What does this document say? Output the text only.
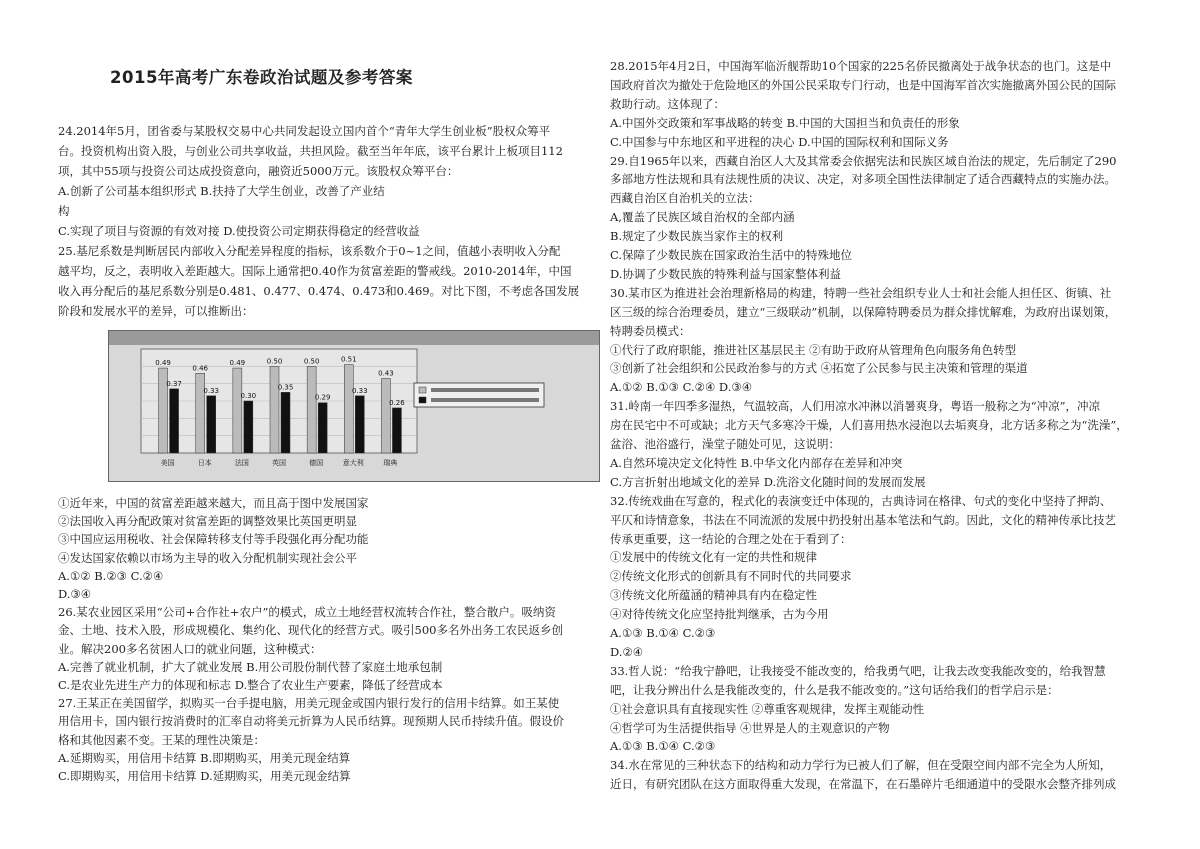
2015年高考广东卷政治试题及参考答案
24.2014年5月，团省委与某股权交易中心共同发起设立国内首个“青年大学生创业板”股权众筹平
台。投资机构出资入股，与创业公司共享收益，共担风险。截至当年年底，该平台累计上板项目112
项，其中55项与投资公司达成投资意向，融资近5000万元。该股权众筹平台：
A.创新了公司基本组织形式 B.扶持了大学生创业，改善了产业结
构
C.实现了项目与资源的有效对接 D.使投资公司定期获得稳定的经营收益
25.基尼系数是判断居民内部收入分配差异程度的指标，该系数介于0~1之间，值越小表明收入分配
越平均，反之，表明收入差距越大。国际上通常把0.40作为贫富差距的警戒线。2010-2014年，中国
收入再分配后的基尼系数分别是0.481、0.477、0.474、0.473和0.469。对比下图，不考虑各国发展
阶段和发展水平的差异，可以推断出：
0.49
0.37
美国
0.46
0.33
日本
0.49
0.30
法国
0.50
0.35
英国
0.50
0.29
德国
0.51
0.33
意大利
0.43
0.26
瑞典
①近年来，中国的贫富差距越来越大，而且高于图中发展国家
②法国收入再分配政策对贫富差距的调整效果比英国更明显
③中国应运用税收、社会保障转移支付等手段强化再分配功能
④发达国家依赖以市场为主导的收入分配机制实现社会公平
A.①② B.②③ C.②④
D.③④
26.某农业园区采用“公司+合作社+农户”的模式，成立土地经营权流转合作社，整合散户。吸纳资
金、土地、技术入股，形成规模化、集约化、现代化的经营方式。吸引500多名外出务工农民返乡创
业。解决200多名贫困人口的就业问题，这种模式：
A.完善了就业机制，扩大了就业发展 B.用公司股份制代替了家庭土地承包制
C.是农业先进生产力的体现和标志 D.整合了农业生产要素，降低了经营成本
27.王某正在美国留学，拟购买一台手提电脑，用美元现金或国内银行发行的信用卡结算。如王某使
用信用卡，国内银行按消费时的汇率自动将美元折算为人民币结算。现预期人民币持续升值。假设价
格和其他因素不变。王某的理性决策是：
A.延期购买，用信用卡结算 B.即期购买，用美元现金结算
C.即期购买，用信用卡结算 D.延期购买，用美元现金结算
28.2015年4月2日，中国海军临沂舰帮助10个国家的225名侨民撤离处于战争状态的也门。这是中
国政府首次为撤处于危险地区的外国公民采取专门行动，也是中国海军首次实施撤离外国公民的国际
救助行动。这体现了：
A.中国外交政策和军事战略的转变 B.中国的大国担当和负责任的形象
C.中国参与中东地区和平进程的决心 D.中国的国际权利和国际义务
29.自1965年以来，西藏自治区人大及其常委会依据宪法和民族区域自治法的规定，先后制定了290
多部地方性法规和具有法规性质的决议、决定，对多项全国性法律制定了适合西藏特点的实施办法。
西藏自治区自治机关的立法：
A,覆盖了民族区域自治权的全部内涵
B.规定了少数民族当家作主的权利
C.保障了少数民族在国家政治生活中的特殊地位
D.协调了少数民族的特殊利益与国家整体利益
30.某市区为推进社会治理新格局的构建，特聘一些社会组织专业人士和社会能人担任区、街镇、社
区三级的综合治理委员，建立“三级联动”机制，以保障特聘委员为群众排忧解难，为政府出谋划策，
特聘委员模式：
①代行了政府职能，推进社区基层民主 ②有助于政府从管理角色向服务角色转型
③创新了社会组织和公民政治参与的方式 ④拓宽了公民参与民主决策和管理的渠道
A.①② B.①③ C.②④ D.③④
31.岭南一年四季多湿热，气温较高，人们用凉水冲淋以消暑爽身，粤语一般称之为“冲凉”，冲凉
房在民宅中不可或缺；北方天气多寒冷干燥，人们喜用热水浸泡以去垢爽身，北方话多称之为“洗澡”，
盆浴、池浴盛行，澡堂子随处可见，这说明：
A.自然环境决定文化特性 B.中华文化内部存在差异和冲突
C.方言折射出地域文化的差异 D.洗浴文化随时间的发展而发展
32.传统戏曲在写意的，程式化的表演变迁中体现的，古典诗词在格律、句式的变化中坚持了押韵、
平仄和诗情意象，书法在不同流派的发展中扔投射出基本笔法和气韵。因此，文化的精神传承比技艺
传承更重要，这一结论的合理之处在于看到了：
①发展中的传统文化有一定的共性和规律
②传统文化形式的创新具有不同时代的共同要求
③传统文化所蕴涵的精神具有内在稳定性
④对待传统文化应坚持批判继承，古为今用
A.①③ B.①④ C.②③
D.②④
33.哲人说：“给我宁静吧，让我接受不能改变的，给我勇气吧，让我去改变我能改变的，给我智慧
吧，让我分辨出什么是我能改变的，什么是我不能改变的。”这句话给我们的哲学启示是：
①社会意识具有直接现实性 ②尊重客观规律，发挥主观能动性
④哲学可为生活提供指导 ④世界是人的主观意识的产物
A.①③ B.①④ C.②③
34.水在常见的三种状态下的结构和动力学行为已被人们了解，但在受限空间内部不完全为人所知，
近日，有研究团队在这方面取得重大发现，在常温下，在石墨碎片毛细通道中的受限水会整齐排列成
